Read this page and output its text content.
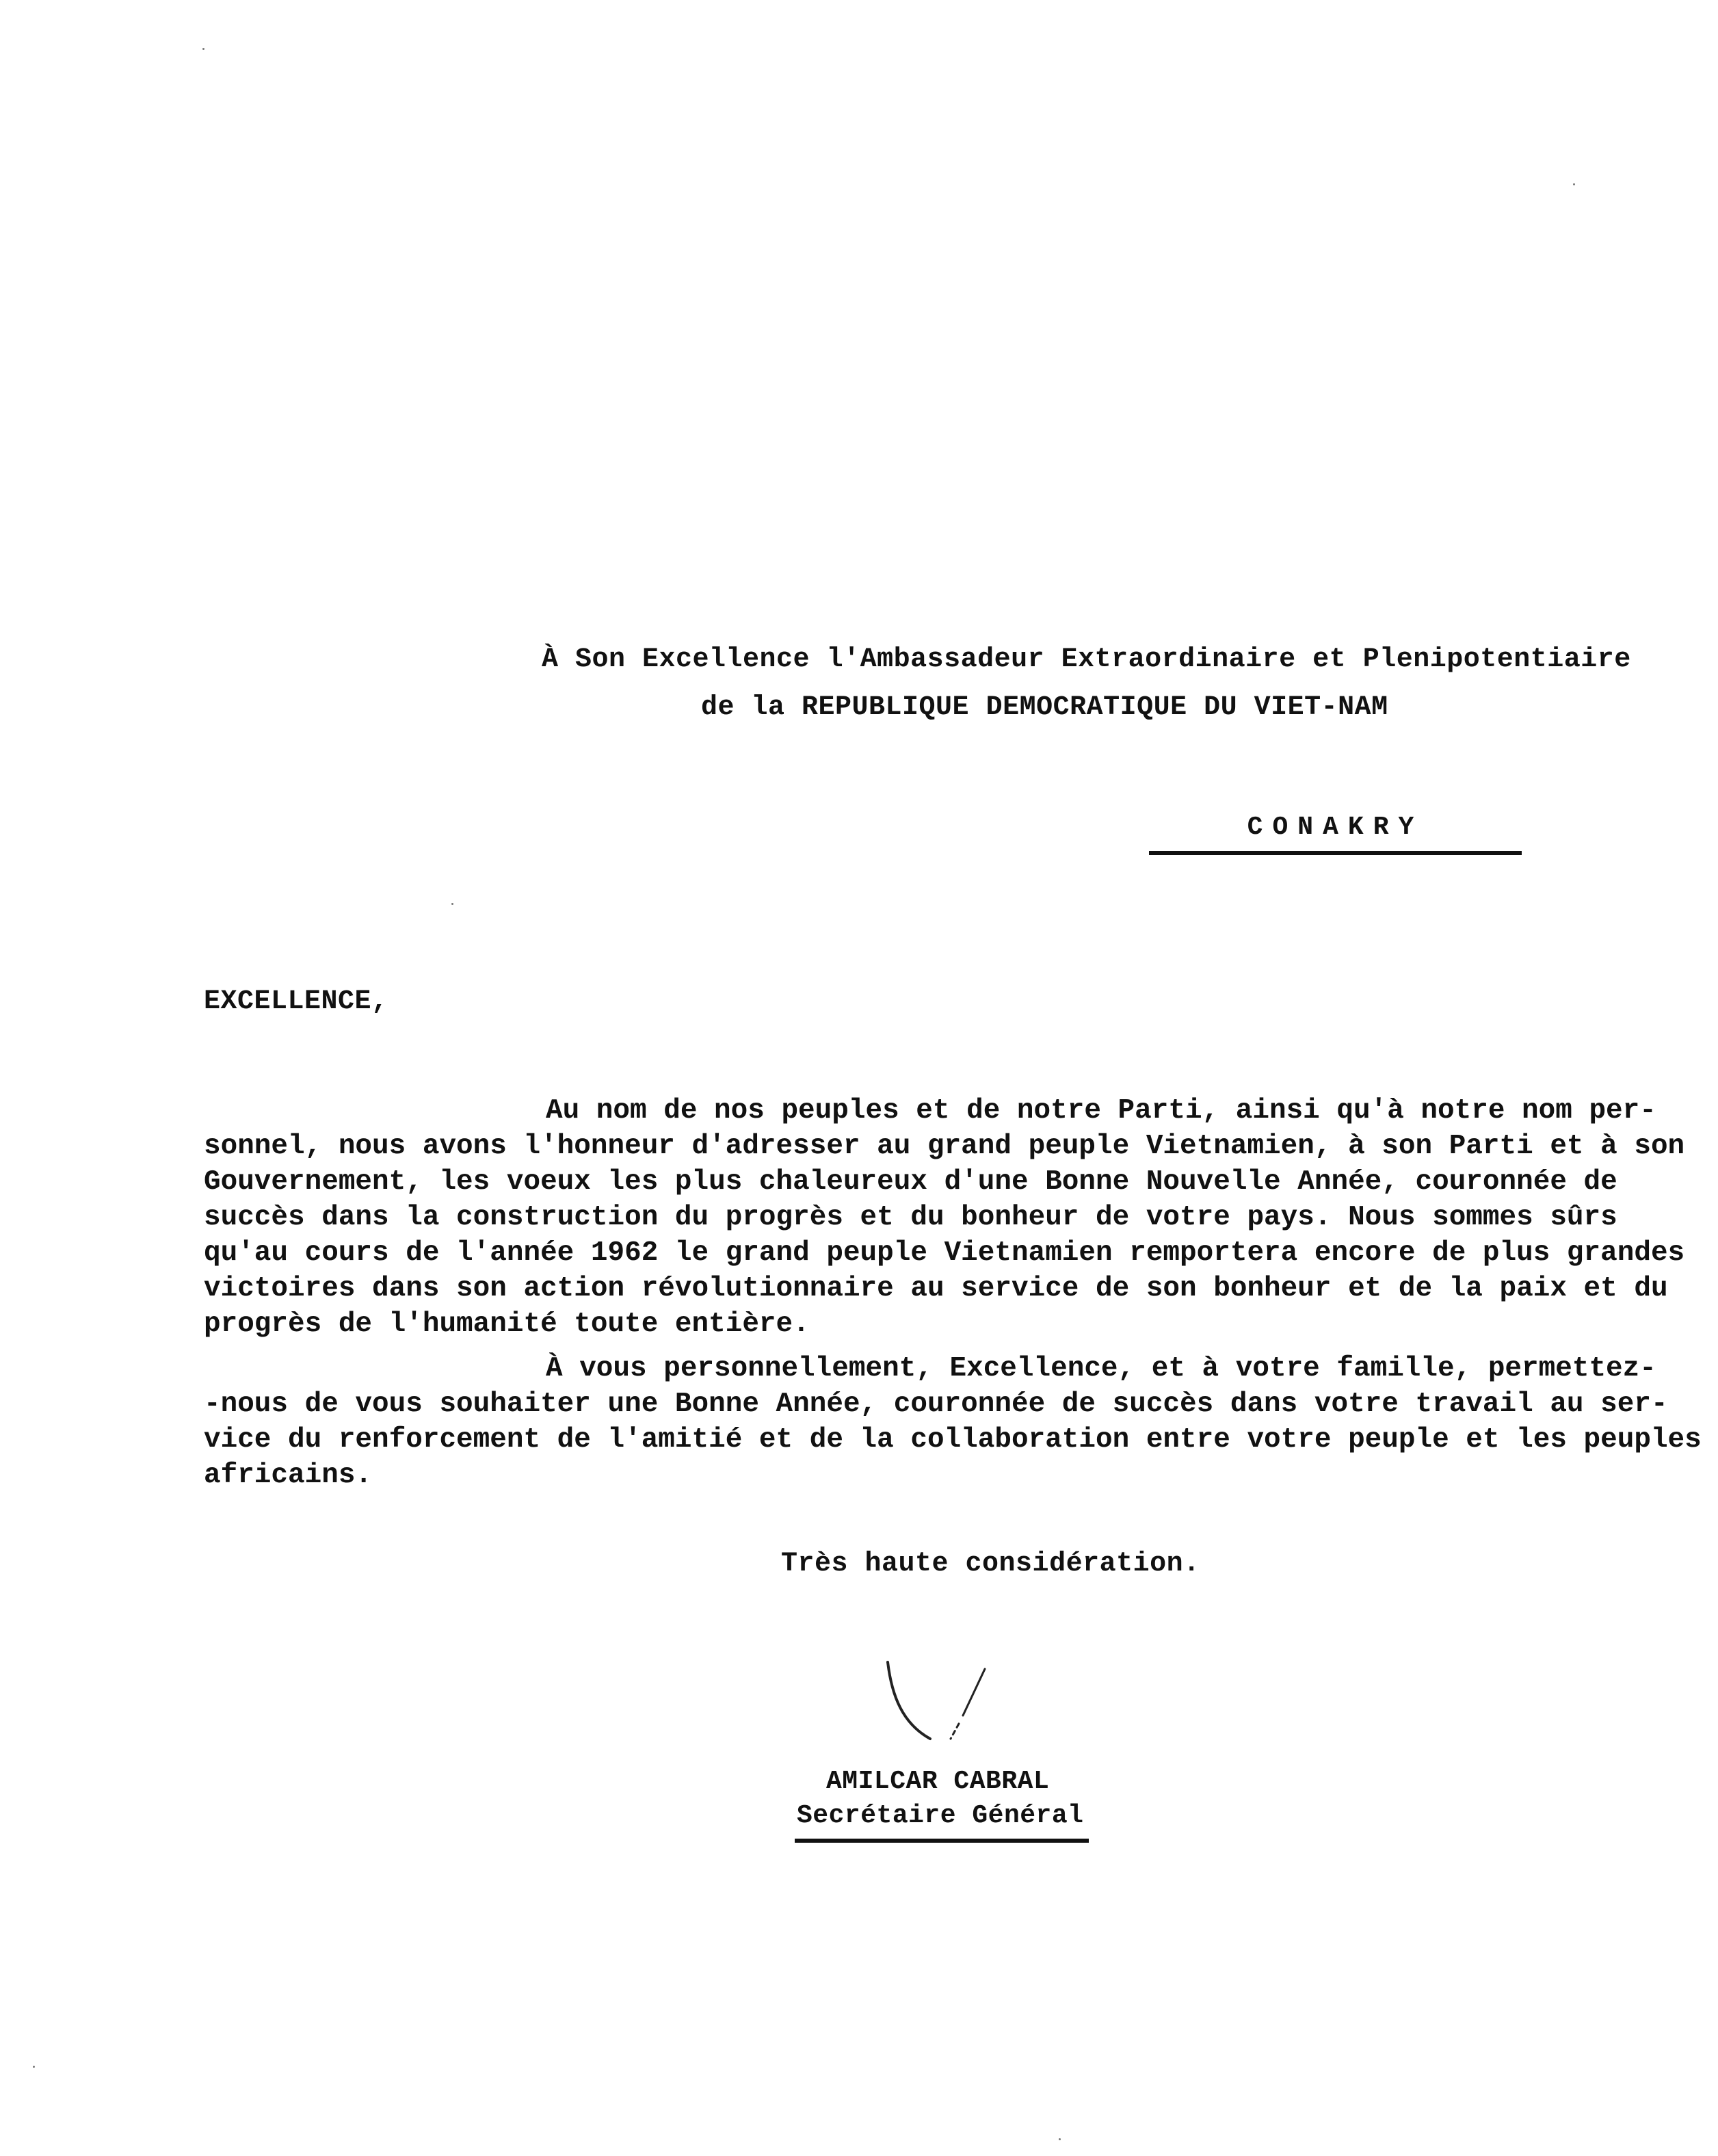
À Son Excellence l'Ambassadeur Extraordinaire et Plenipotentiaire
de la REPUBLIQUE DEMOCRATIQUE DU VIET-NAM
CONAKRY
EXCELLENCE,
Au nom de nos peuples et de notre Parti, ainsi qu'à notre nom per-
sonnel, nous avons l'honneur d'adresser au grand peuple Vietnamien, à son Parti et à son
Gouvernement, les voeux les plus chaleureux d'une Bonne Nouvelle Année, couronnée de
succès dans la construction du progrès et du bonheur de votre pays. Nous sommes sûrs
qu'au cours de l'année 1962 le grand peuple Vietnamien remportera encore de plus grandes
victoires dans son action révolutionnaire au service de son bonheur et de la paix et du
progrès de l'humanité toute entière.
À vous personnellement, Excellence, et à votre famille, permettez-
-nous de vous souhaiter une Bonne Année, couronnée de succès dans votre travail au ser-
vice du renforcement de l'amitié et de la collaboration entre votre peuple et les peuples
africains.
Très haute considération.
AMILCAR CABRAL
Secrétaire Général
